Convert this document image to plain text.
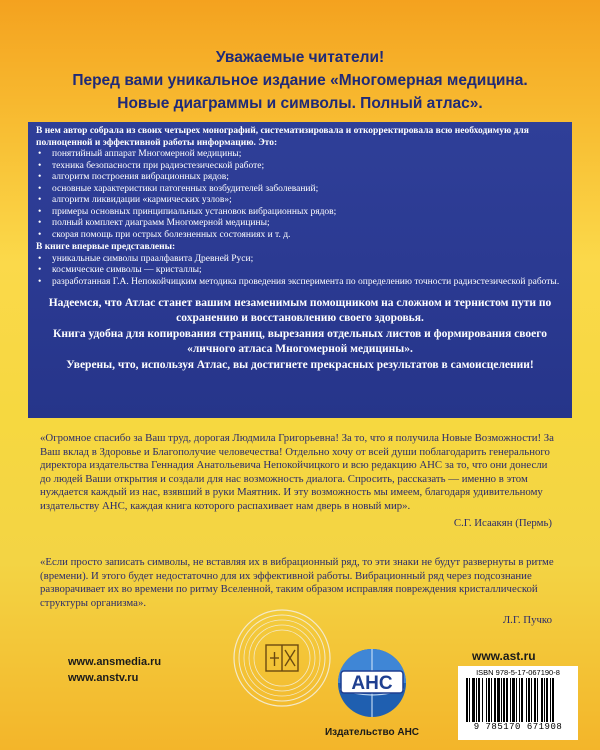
Уважаемые читатели!
Перед вами уникальное издание «Многомерная медицина.
Новые диаграммы и символы. Полный атлас».
В нем автор собрала из своих четырех монографий, систематизировала и откорректировала всю необходимую для полноценной и эффективной работы информацию. Это:
• понятийный аппарат Многомерной медицины;
• техника безопасности при радиэстезической работе;
• алгоритм построения вибрационных рядов;
• основные характеристики патогенных возбудителей заболеваний;
• алгоритм ликвидации «кармических узлов»;
• примеры основных принципиальных установок вибрационных рядов;
• полный комплект диаграмм Многомерной медицины;
• скорая помощь при острых болезненных состояниях и т. д.
В книге впервые представлены:
• уникальные символы праалфавита Древней Руси;
• космические символы — кристаллы;
• разработанная Г.А. Непокойчицким методика проведения эксперимента по определению точности радиэстезической работы.

Надеемся, что Атлас станет вашим незаменимым помощником на сложном и тернистом пути по сохранению и восстановлению своего здоровья.

Книга удобна для копирования страниц, вырезания отдельных листов и формирования своего «личного атласа Многомерной медицины».

Уверены, что, используя Атлас, вы достигнете прекрасных результатов в самоисцелении!

«Огромное спасибо за Ваш труд, дорогая Людмила Григорьевна! За то, что я получила Новые Возможности! За Ваш вклад в Здоровье и Благополучие человечества! Отдельно хочу от всей души поблагодарить генерального директора издательства Геннадия Анатольевича Непокойчицкого и всю редакцию АНС за то, что они донесли до людей Ваши открытия и создали для нас возможность диалога. Спросить, рассказать — именно в этом нуждается каждый из нас, взявший в руки Маятник. И эту возможность мы имеем, благодаря удивительному издательству АНС, каждая книга которого распахивает нам дверь в новый мир».
С.Г. Исаакян (Пермь)
«Если просто записать символы, не вставляя их в вибрационный ряд, то эти знаки не будут развернуты в ритме (времени). И этого будет недостаточно для их эффективной работы. Вибрационный ряд через подсознание разворачивает их во времени по ритму Вселенной, таким образом исправляя повреждения кристаллической структуры организма».
Л.Г. Пучко
www.ansmedia.ru
www.anstv.ru
www.ast.ru
АНС
Издательство АНС
ISBN 978-5-17-067190-8
9 785170 671908
